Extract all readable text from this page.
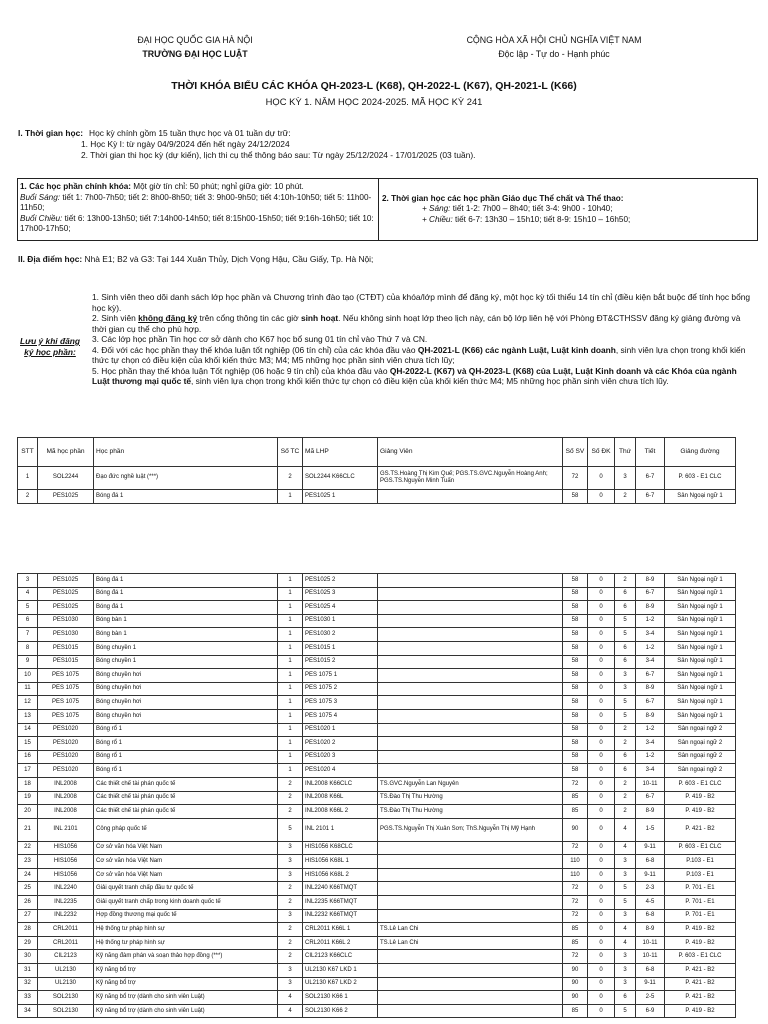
ĐẠI HỌC QUỐC GIA HÀ NỘI
TRƯỜNG ĐẠI HỌC LUẬT
CỘNG HÒA XÃ HỘI CHỦ NGHĨA VIỆT NAM
Độc lập - Tự do - Hạnh phúc
THỜI KHÓA BIỂU CÁC KHÓA QH-2023-L (K68), QH-2022-L (K67), QH-2021-L (K66)
HỌC KỲ 1. NĂM HỌC 2024-2025. MÃ HỌC KỲ 241
I. Thời gian học: Học kỳ chính gồm 15 tuần thực học và 01 tuần dự trữ:
1. Học Kỳ I: từ ngày 04/9/2024 đến hết ngày 24/12/2024
2. Thời gian thi học kỳ (dự kiến), lịch thi cụ thể thông báo sau: Từ ngày 25/12/2024 - 17/01/2025 (03 tuần).
1. Các học phần chính khóa: Một giờ tín chỉ: 50 phút; nghỉ giữa giờ: 10 phút.
Buổi Sáng: tiết 1: 7h00-7h50; tiết 2: 8h00-8h50; tiết 3: 9h00-9h50; tiết 4:10h-10h50; tiết 5: 11h00-11h50;
Buổi Chiều: tiết 6: 13h00-13h50; tiết 7:14h00-14h50; tiết 8:15h00-15h50; tiết 9:16h-16h50; tiết 10: 17h00-17h50;
2. Thời gian học các học phần Giáo dục Thể chất và Thể thao:
+ Sáng: tiết 1-2: 7h00 – 8h40; tiết 3-4: 9h00 - 10h40;
+ Chiều: tiết 6-7: 13h30 – 15h10; tiết 8-9: 15h10 – 16h50;
II. Địa điểm học: Nhà E1; B2 và G3: Tại 144 Xuân Thủy, Dịch Vọng Hậu, Cầu Giấy, Tp. Hà Nội;
Lưu ý khi đăng ký học phần:
1. Sinh viên theo dõi danh sách lớp học phần và Chương trình đào tạo (CTĐT) của khóa/lớp mình để đăng ký, một học kỳ tối thiểu 14 tín chỉ (điều kiện bắt buộc để tính học bổng học kỳ).
2. Sinh viên không đăng ký trên cổng thông tin các giờ sinh hoạt. Nếu không sinh hoạt lớp theo lịch này, cán bộ lớp liên hệ với Phòng ĐT&CTHSSV đăng ký giảng đường và thời gian cụ thể cho phù hợp.
3. Các lớp học phần Tin học cơ sở dành cho K67 học bổ sung 01 tín chỉ vào Thứ 7 và CN.
4. Đối với các học phần thay thế khóa luận tốt nghiệp (06 tín chỉ) của các khóa đầu vào QH-2021-L (K66) các ngành Luật, Luật kinh doanh, sinh viên lựa chọn trong khối kiến thức tự chọn có điều kiện của khối kiến thức M3; M4; M5 những học phần sinh viên chưa tích lũy;
5. Học phần thay thế khóa luận Tốt nghiệp (06 hoặc 9 tín chỉ) của khóa đầu vào QH-2022-L (K67) và QH-2023-L (K68) của Luật, Luật Kinh doanh và các Khóa của ngành Luật thương mại quốc tế, sinh viên lựa chọn trong khối kiến thức tự chọn có điều kiện của khối kiến thức M4; M5 những học phần sinh viên chưa tích lũy.
STT	Mã học phần	Học phần	Số TC	Mã LHP	Giảng Viên	Số SV	Số ĐK	Thứ	Tiết	Giảng đường
1	SOL2244	Đạo đức nghề luật (***)	2	SOL2244 K66CLC	GS.TS.Hoàng Thị Kim Quế; PGS.TS.GVC.Nguyễn Hoàng Anh; PGS.TS.Nguyễn Minh Tuấn	72	0	3	6-7	P. 603 - E1 CLC
2	PES1025	Bóng đá 1	1	PES1025 1		58	0	2	6-7	Sân Ngoại ngữ 1
3	PES1025	Bóng đá 1	1	PES1025 2		58	0	2	8-9	Sân Ngoại ngữ 1
4	PES1025	Bóng đá 1	1	PES1025 3		58	0	6	6-7	Sân Ngoại ngữ 1
5	PES1025	Bóng đá 1	1	PES1025 4		58	0	6	8-9	Sân Ngoại ngữ 1
6	PES1030	Bóng bàn 1	1	PES1030 1		58	0	5	1-2	Sân Ngoại ngữ 1
7	PES1030	Bóng bàn 1	1	PES1030 2		58	0	5	3-4	Sân Ngoại ngữ 1
8	PES1015	Bóng chuyền 1	1	PES1015 1		58	0	6	1-2	Sân Ngoại ngữ 1
9	PES1015	Bóng chuyền 1	1	PES1015 2		58	0	6	3-4	Sân Ngoại ngữ 1
10	PES 1075	Bóng chuyền hơi	1	PES 1075 1		58	0	3	6-7	Sân Ngoại ngữ 1
11	PES 1075	Bóng chuyền hơi	1	PES 1075 2		58	0	3	8-9	Sân Ngoại ngữ 1
12	PES 1075	Bóng chuyền hơi	1	PES 1075 3		58	0	5	6-7	Sân Ngoại ngữ 1
13	PES 1075	Bóng chuyền hơi	1	PES 1075 4		58	0	5	8-9	Sân Ngoại ngữ 1
14	PES1020	Bóng rổ 1	1	PES1020 1		58	0	2	1-2	Sân ngoại ngữ 2
15	PES1020	Bóng rổ 1	1	PES1020 2		58	0	2	3-4	Sân ngoại ngữ 2
16	PES1020	Bóng rổ 1	1	PES1020 3		58	0	6	1-2	Sân ngoại ngữ 2
17	PES1020	Bóng rổ 1	1	PES1020 4		58	0	6	3-4	Sân ngoại ngữ 2
18	INL2008	Các thiết chế tài phán quốc tế	2	INL2008 K66CLC	TS.GVC.Nguyễn Lan Nguyên	72	0	2	10-11	P. 603 - E1 CLC
19	INL2008	Các thiết chế tài phán quốc tế	2	INL2008 K66L	TS.Đào Thị Thu Hường	85	0	2	6-7	P. 419 - B2
20	INL2008	Các thiết chế tài phán quốc tế	2	INL2008 K66L 2	TS.Đào Thị Thu Hường	85	0	2	8-9	P. 419 - B2
21	INL 2101	Công pháp quốc tế	5	INL 2101 1	PGS.TS.Nguyễn Thị Xuân Sơn; ThS.Nguyễn Thị Mỹ Hạnh	90	0	4	1-5	P. 421 - B2
22	HIS1056	Cơ sở văn hóa Việt Nam	3	HIS1056 K68CLC		72	0	4	9-11	P. 603 - E1 CLC
23	HIS1056	Cơ sở văn hóa Việt Nam	3	HIS1056 K68L 1		110	0	3	6-8	P.103 - E1
24	HIS1056	Cơ sở văn hóa Việt Nam	3	HIS1056 K68L 2		110	0	3	9-11	P.103 - E1
25	INL2240	Giải quyết tranh chấp đầu tư quốc tế	2	INL2240 K66TMQT		72	0	5	2-3	P. 701 - E1
26	INL2235	Giải quyết tranh chấp trong kinh doanh quốc tế	2	INL2235 K66TMQT		72	0	5	4-5	P. 701 - E1
27	INL2232	Hợp đồng thương mại quốc tế	3	INL2232 K66TMQT		72	0	3	6-8	P. 701 - E1
28	CRL2011	Hệ thống tư pháp hình sự	2	CRL2011 K66L 1	TS.Lê Lan Chi	85	0	4	8-9	P. 419 - B2
29	CRL2011	Hệ thống tư pháp hình sự	2	CRL2011 K66L 2	TS.Lê Lan Chi	85	0	4	10-11	P. 419 - B2
30	CIL2123	Kỹ năng đàm phán và soạn thảo hợp đồng (***)	2	CIL2123 K66CLC		72	0	3	10-11	P. 603 - E1 CLC
31	UL2130	Kỹ năng bổ trợ	3	UL2130 K67 LKD 1		90	0	3	6-8	P. 421 - B2
32	UL2130	Kỹ năng bổ trợ	3	UL2130 K67 LKD 2		90	0	3	9-11	P. 421 - B2
33	SOL2130	Kỹ năng bổ trợ (dành cho sinh viên Luật)	4	SOL2130 K66 1		90	0	6	2-5	P. 421 - B2
34	SOL2130	Kỹ năng bổ trợ (dành cho sinh viên Luật)	4	SOL2130 K66 2		85	0	5	6-9	P. 419 - B2
